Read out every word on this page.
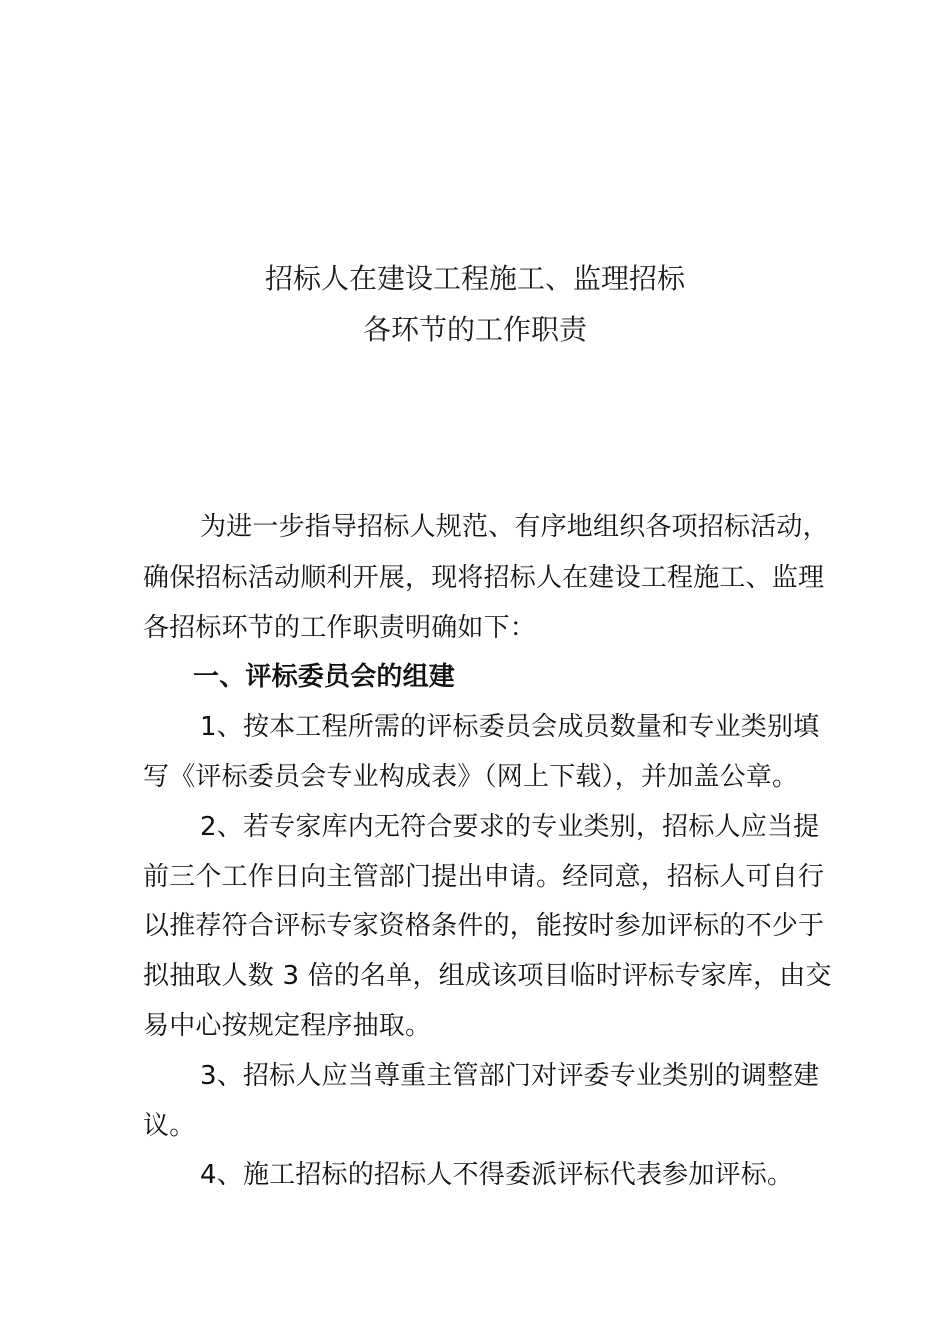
招标人在建设工程施工、监理招标
各环节的工作职责
为进一步指导招标人规范、有序地组织各项招标活动，
确保招标活动顺利开展，现将招标人在建设工程施工、监理
各招标环节的工作职责明确如下：
一、评标委员会的组建
1、按本工程所需的评标委员会成员数量和专业类别填
写《评标委员会专业构成表》（网上下载），并加盖公章。
2、若专家库内无符合要求的专业类别，招标人应当提
前三个工作日向主管部门提出申请。经同意，招标人可自行
以推荐符合评标专家资格条件的，能按时参加评标的不少于
拟抽取人数 3 倍的名单，组成该项目临时评标专家库，由交
易中心按规定程序抽取。
3、招标人应当尊重主管部门对评委专业类别的调整建
议。
4、施工招标的招标人不得委派评标代表参加评标。
